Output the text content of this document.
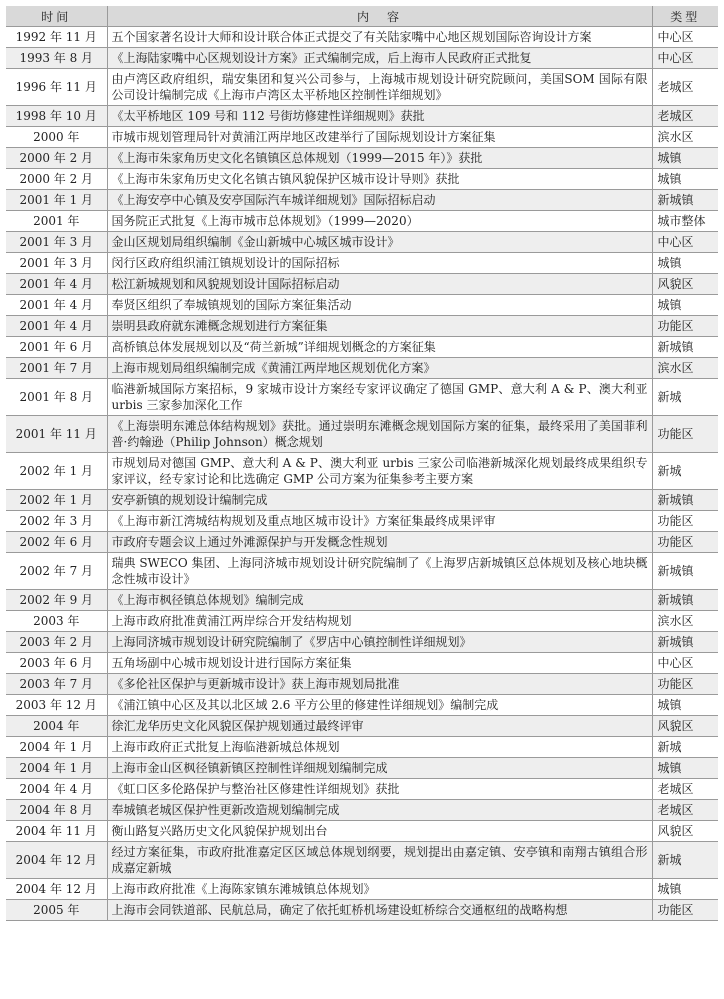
时间	内　容	类型
1992 年 11 月	五个国家著名设计大师和设计联合体正式提交了有关陆家嘴中心地区规划国际咨询设计方案	中心区
1993 年 8 月	《上海陆家嘴中心区规划设计方案》正式编制完成，后上海市人民政府正式批复	中心区
1996 年 11 月	由卢湾区政府组织，瑞安集团和复兴公司参与，上海城市规划设计研究院顾问，美国SOM 国际有限公司设计编制完成《上海市卢湾区太平桥地区控制性详细规划》	老城区
1998 年 10 月	《太平桥地区 109 号和 112 号街坊修建性详细规则》获批	老城区
2000 年	市城市规划管理局针对黄浦江两岸地区改建举行了国际规划设计方案征集	滨水区
2000 年 2 月	《上海市朱家角历史文化名镇镇区总体规划（1999—2015 年）》获批	城镇
2000 年 2 月	《上海市朱家角历史文化名镇古镇风貌保护区城市设计导则》获批	城镇
2001 年 1 月	《上海安亭中心镇及安亭国际汽车城详细规划》国际招标启动	新城镇
2001 年	国务院正式批复《上海市城市总体规划》（1999—2020）	城市整体
2001 年 3 月	金山区规划局组织编制《金山新城中心城区城市设计》	中心区
2001 年 3 月	闵行区政府组织浦江镇规划设计的国际招标	城镇
2001 年 4 月	松江新城规划和风貌规划设计国际招标启动	风貌区
2001 年 4 月	奉贤区组织了奉城镇规划的国际方案征集活动	城镇
2001 年 4 月	崇明县政府就东滩概念规划进行方案征集	功能区
2001 年 6 月	高桥镇总体发展规划以及“荷兰新城”详细规划概念的方案征集	新城镇
2001 年 7 月	上海市规划局组织编制完成《黄浦江两岸地区规划优化方案》	滨水区
2001 年 8 月	临港新城国际方案招标，9 家城市设计方案经专家评议确定了德国 GMP、意大利 A & P、澳大利亚 urbis 三家参加深化工作	新城
2001 年 11 月	《上海崇明东滩总体结构规划》获批。通过崇明东滩概念规划国际方案的征集，最终采用了美国菲利普·约翰逊（Philip Johnson）概念规划	功能区
2002 年 1 月	市规划局对德国 GMP、意大利 A & P、澳大利亚 urbis 三家公司临港新城深化规划最终成果组织专家评议，经专家讨论和比选确定 GMP 公司方案为征集参考主要方案	新城
2002 年 1 月	安亭新镇的规划设计编制完成	新城镇
2002 年 3 月	《上海市新江湾城结构规划及重点地区城市设计》方案征集最终成果评审	功能区
2002 年 6 月	市政府专题会议上通过外滩源保护与开发概念性规划	功能区
2002 年 7 月	瑞典 SWECO 集团、上海同济城市规划设计研究院编制了《上海罗店新城镇区总体规划及核心地块概念性城市设计》	新城镇
2002 年 9 月	《上海市枫径镇总体规划》编制完成	新城镇
2003 年	上海市政府批准黄浦江两岸综合开发结构规划	滨水区
2003 年 2 月	上海同济城市规划设计研究院编制了《罗店中心镇控制性详细规划》	新城镇
2003 年 6 月	五角场副中心城市规划设计进行国际方案征集	中心区
2003 年 7 月	《多伦社区保护与更新城市设计》获上海市规划局批准	功能区
2003 年 12 月	《浦江镇中心区及其以北区域 2.6 平方公里的修建性详细规划》编制完成	城镇
2004 年	徐汇龙华历史文化风貌区保护规划通过最终评审	风貌区
2004 年 1 月	上海市政府正式批复上海临港新城总体规划	新城
2004 年 1 月	上海市金山区枫径镇新镇区控制性详细规划编制完成	城镇
2004 年 4 月	《虹口区多伦路保护与整治社区修建性详细规划》获批	老城区
2004 年 8 月	奉城镇老城区保护性更新改造规划编制完成	老城区
2004 年 11 月	衡山路复兴路历史文化风貌保护规划出台	风貌区
2004 年 12 月	经过方案征集，市政府批准嘉定区区域总体规划纲要，规划提出由嘉定镇、安亭镇和南翔古镇组合形成嘉定新城	新城
2004 年 12 月	上海市政府批准《上海陈家镇东滩城镇总体规划》	城镇
2005 年	上海市会同铁道部、民航总局，确定了依托虹桥机场建设虹桥综合交通枢纽的战略构想	功能区
